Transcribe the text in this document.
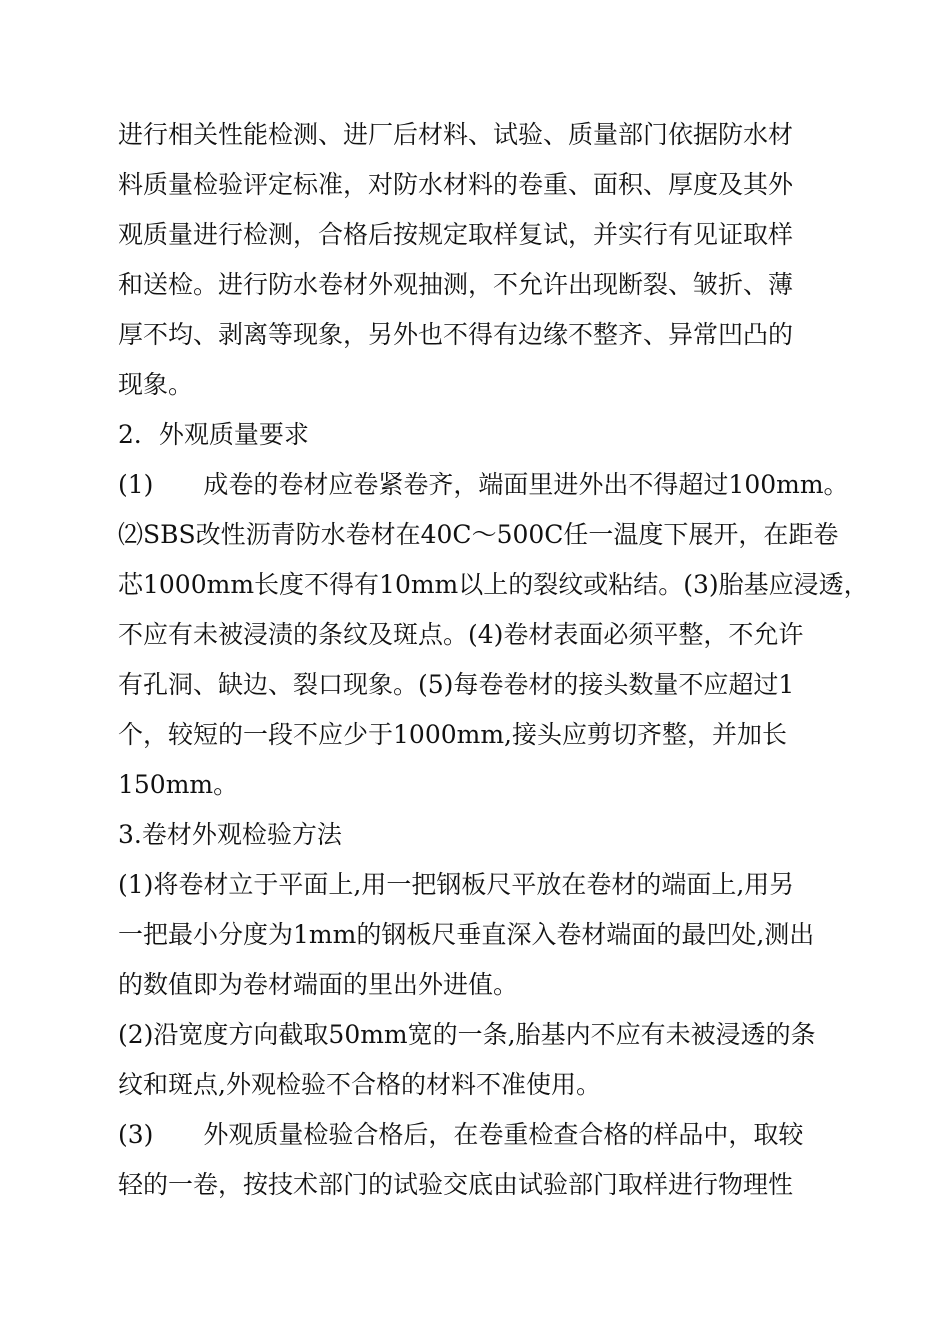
进行相关性能检测、进厂后材料、试验、质量部门依据防水材
料质量检验评定标准，对防水材料的卷重、面积、厚度及其外
观质量进行检测，合格后按规定取样复试，并实行有见证取样
和送检。进行防水卷材外观抽测，不允许出现断裂、皱折、薄
厚不均、剥离等现象，另外也不得有边缘不整齐、异常凹凸的
现象。
2．外观质量要求
(1)　　成卷的卷材应卷紧卷齐，端面里进外出不得超过100mm。
⑵SBS改性沥青防水卷材在40C〜500C任一温度下展开，在距卷
芯1000mm长度不得有10mm以上的裂纹或粘结。(3)胎基应浸透，
不应有未被浸渍的条纹及斑点。(4)卷材表面必须平整，不允许
有孔洞、缺边、裂口现象。(5)每卷卷材的接头数量不应超过1
个，较短的一段不应少于1000mm,接头应剪切齐整，并加长
150mm。
3.卷材外观检验方法
(1)将卷材立于平面上,用一把钢板尺平放在卷材的端面上,用另
一把最小分度为1mm的钢板尺垂直深入卷材端面的最凹处,测出
的数值即为卷材端面的里出外进值。
(2)沿宽度方向截取50mm宽的一条,胎基内不应有未被浸透的条
纹和斑点,外观检验不合格的材料不准使用。
(3)　　外观质量检验合格后，在卷重检查合格的样品中，取较
轻的一卷，按技术部门的试验交底由试验部门取样进行物理性
